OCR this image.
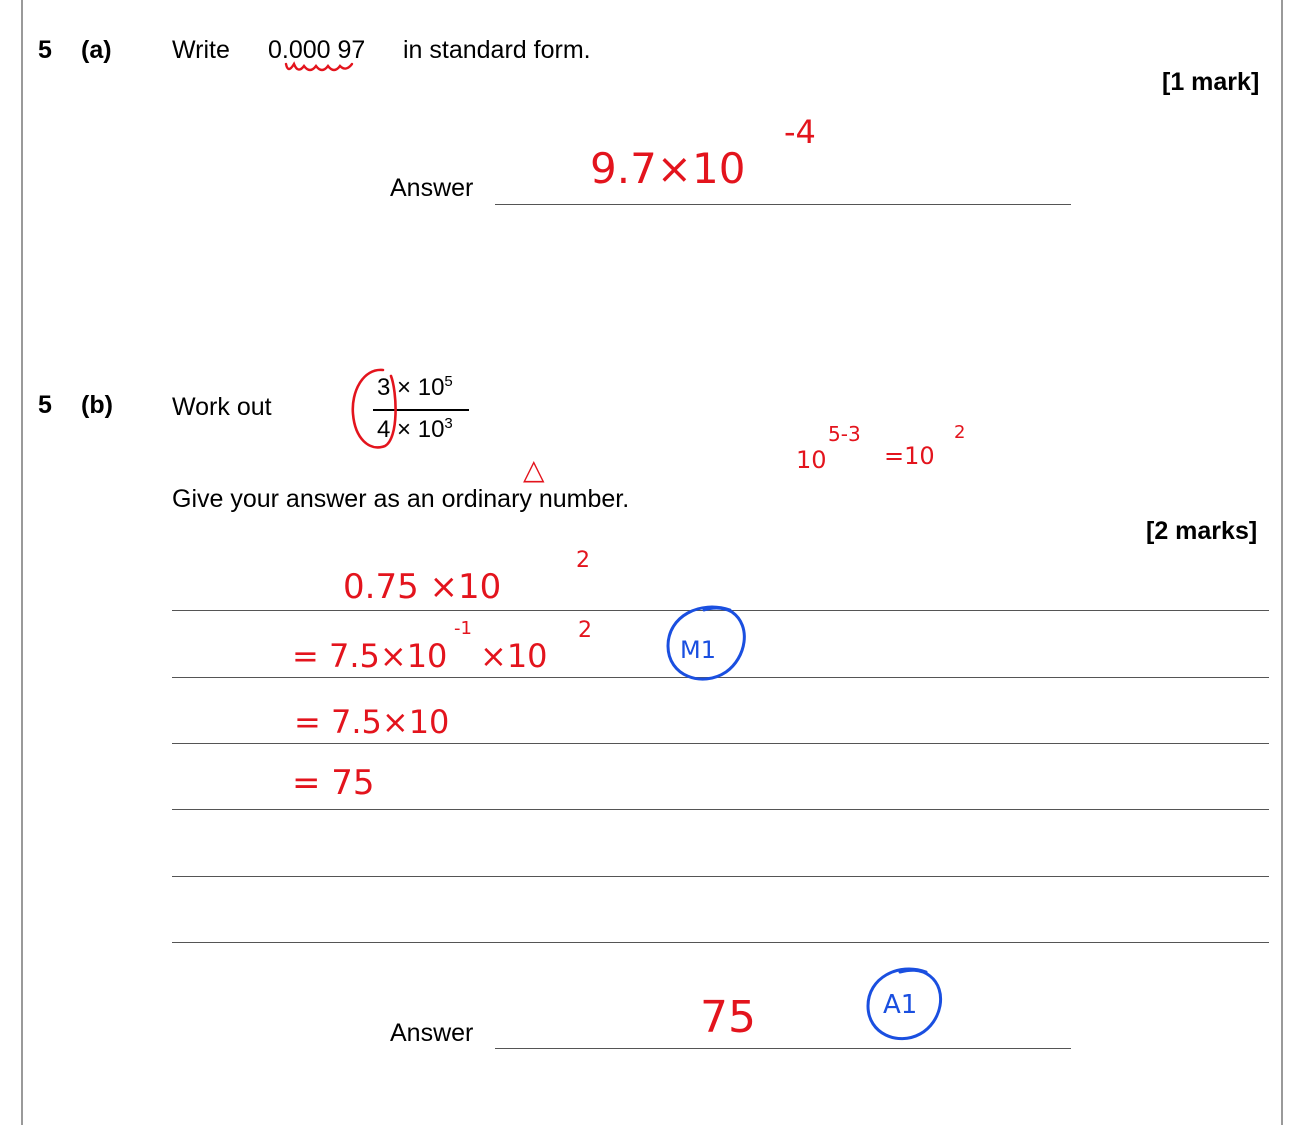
5 (a) Write 0.000 97 in standard form.
[1 mark]
Answer	9.7×10
-4
5 (b) Work out
$3 \times 10^5$
$4 \times 10^3$
10
5-3
=10
2
△
Give your answer as an ordinary number.
[2 marks]
0.75 ×10
2
= 7.5×10
-1
×10
2
M1
= 7.5×10
= 75
Answer	75	A1
